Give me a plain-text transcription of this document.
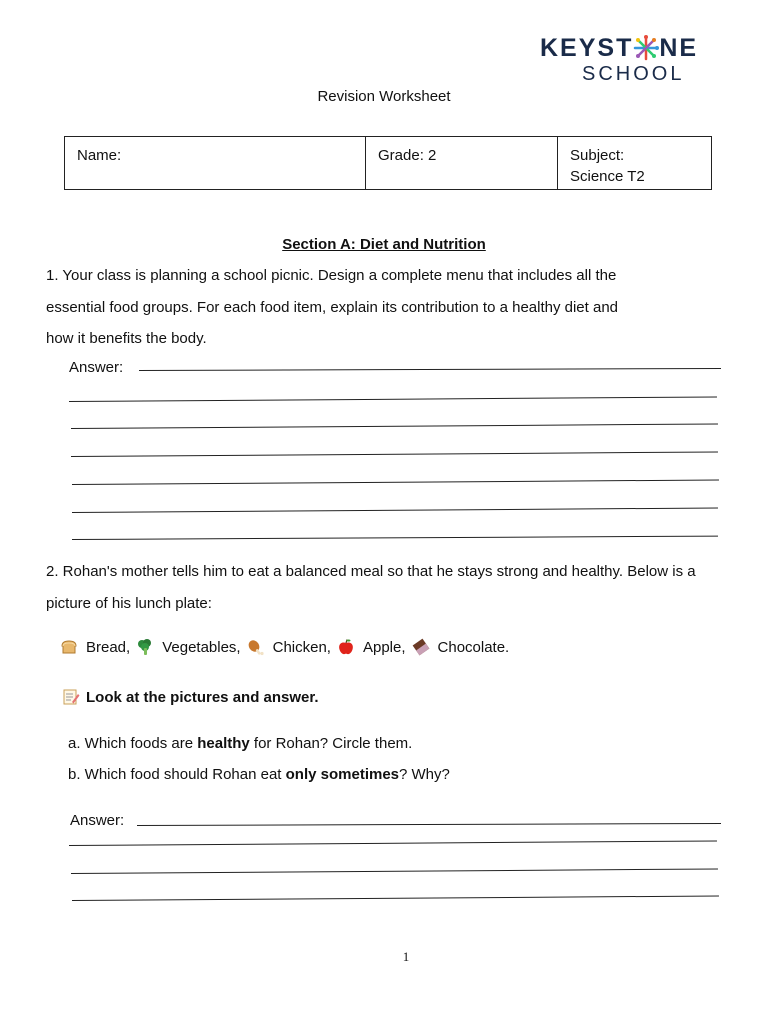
KEYST NE
SCHOOL
Revision Worksheet
Name:	Grade: 2	Subject:
Science T2
Section A: Diet and Nutrition
1. Your class is planning a school picnic. Design a complete menu that includes all the
essential food groups. For each food item, explain its contribution to a healthy diet and
how it benefits the body.
Answer:
2. Rohan's mother tells him to eat a balanced meal so that he stays strong and healthy. Below is a
picture of his lunch plate:
Bread, Vegetables, Chicken, Apple, Chocolate.
Look at the pictures and answer.
a. Which foods are healthy for Rohan? Circle them.
b. Which food should Rohan eat only sometimes? Why?
Answer:
1
